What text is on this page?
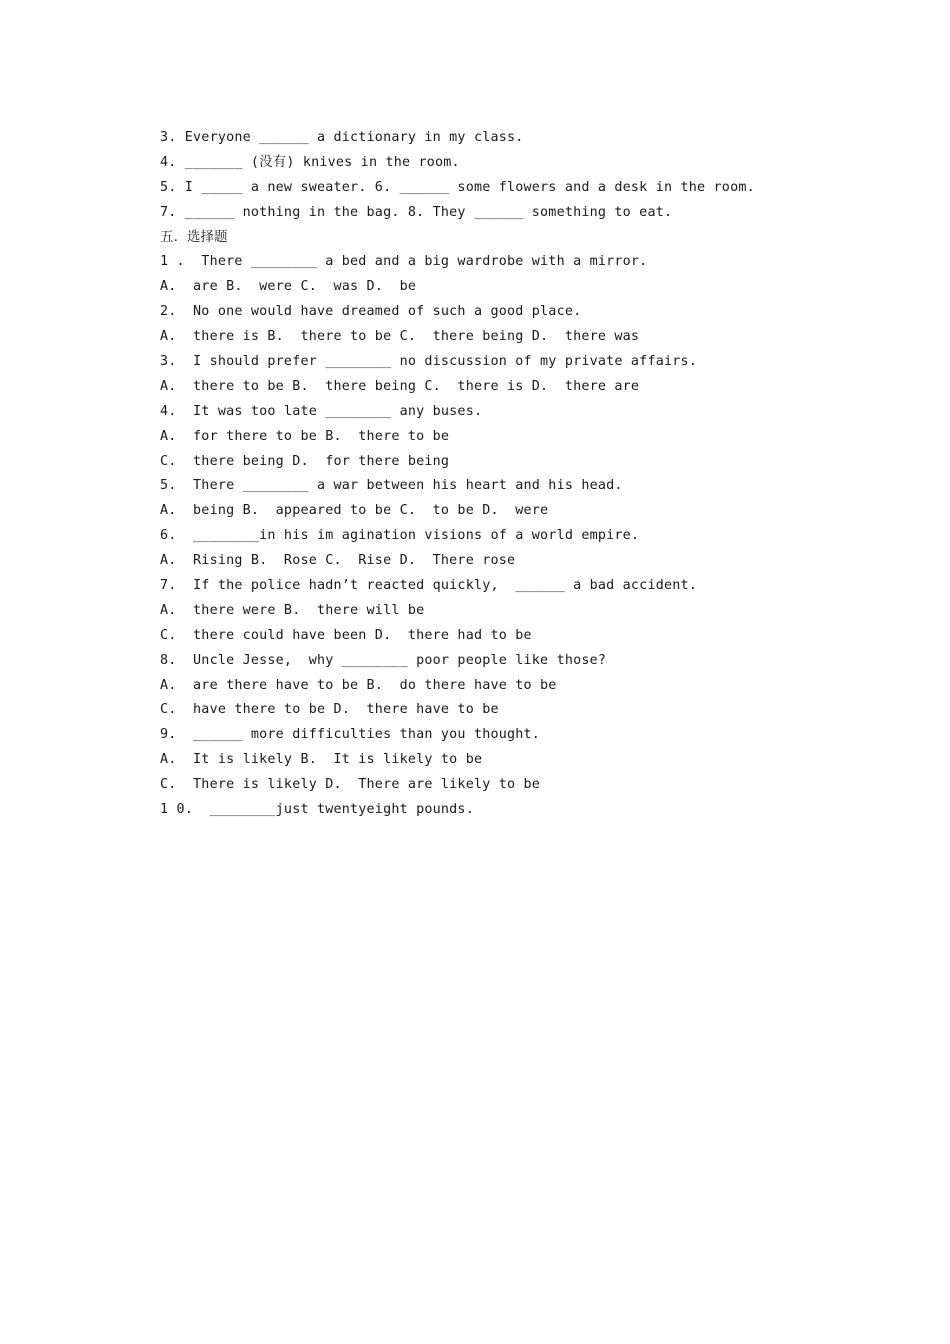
3. Everyone ______ a dictionary in my class.
4. _______ (没有) knives in the room.
5. I _____ a new sweater. 6. ______ some flowers and a desk in the room.
7. ______ nothing in the bag. 8. They ______ something to eat.
五.  选择题
1 .  There ________ a bed and a big wardrobe with a mirror.
A.  are B.  were C.  was D.  be
2.  No one would have dreamed of such a good place.
A.  there is B.  there to be C.  there being D.  there was
3.  I should prefer ________ no discussion of my private affairs.
A.  there to be B.  there being C.  there is D.  there are
4.  It was too late ________ any buses.
A.  for there to be B.  there to be
C.  there being D.  for there being
5.  There ________ a war between his heart and his head.
A.  being B.  appeared to be C.  to be D.  were
6.  ________in his im agination visions of a world empire.
A.  Rising B.  Rose C.  Rise D.  There rose
7.  If the police hadn’t reacted quickly,  ______ a bad accident.
A.  there were B.  there will be
C.  there could have been D.  there had to be
8.  Uncle Jesse,  why ________ poor people like those?
A.  are there have to be B.  do there have to be
C.  have there to be D.  there have to be
9.  ______ more difficulties than you thought.
A.  It is likely B.  It is likely to be
C.  There is likely D.  There are likely to be
1 0.  ________just twentyeight pounds.
